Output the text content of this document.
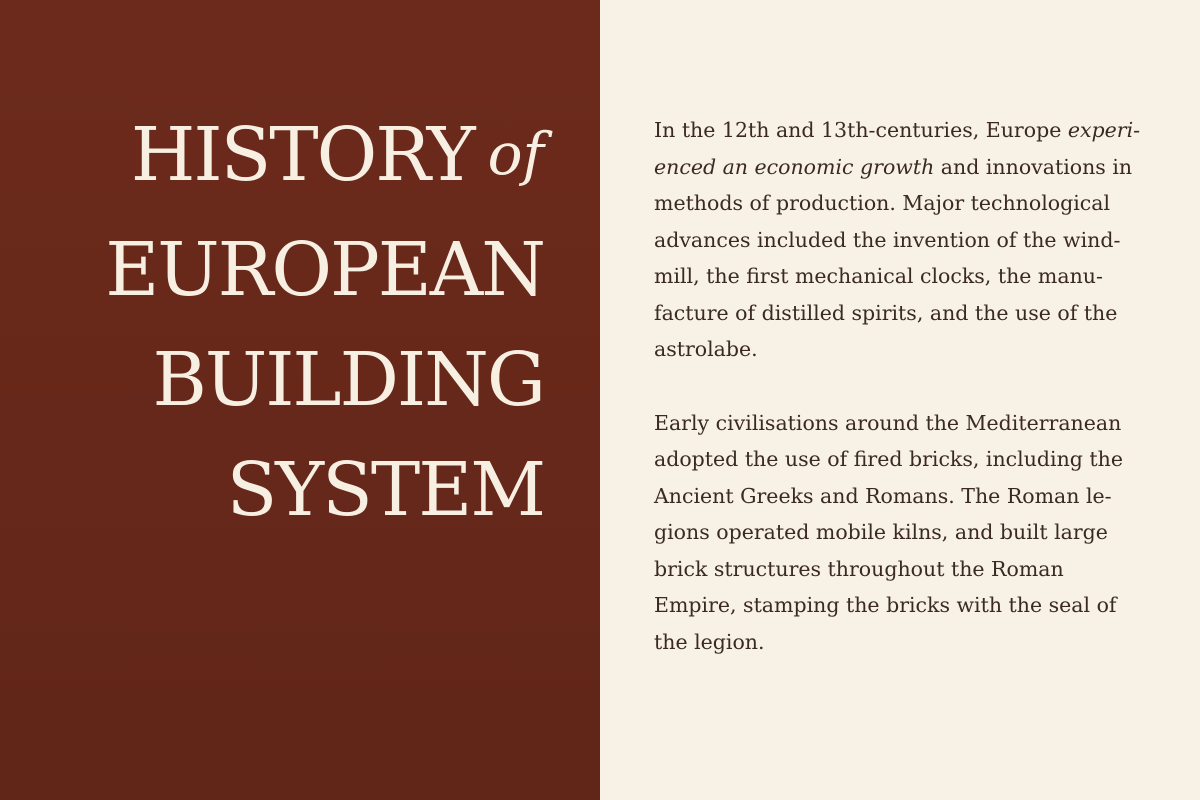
HISTORY of
EUROPEAN
BUILDING
SYSTEM

In the 12th and 13th-centuries, Europe experi-
enced an economic growth and innovations in
methods of production. Major technological
advances included the invention of the wind-
mill, the first mechanical clocks, the manu-
facture of distilled spirits, and the use of the
astrolabe.

Early civilisations around the Mediterranean
adopted the use of fired bricks, including the
Ancient Greeks and Romans. The Roman le-
gions operated mobile kilns, and built large
brick structures throughout the Roman
Empire, stamping the bricks with the seal of
the legion.
